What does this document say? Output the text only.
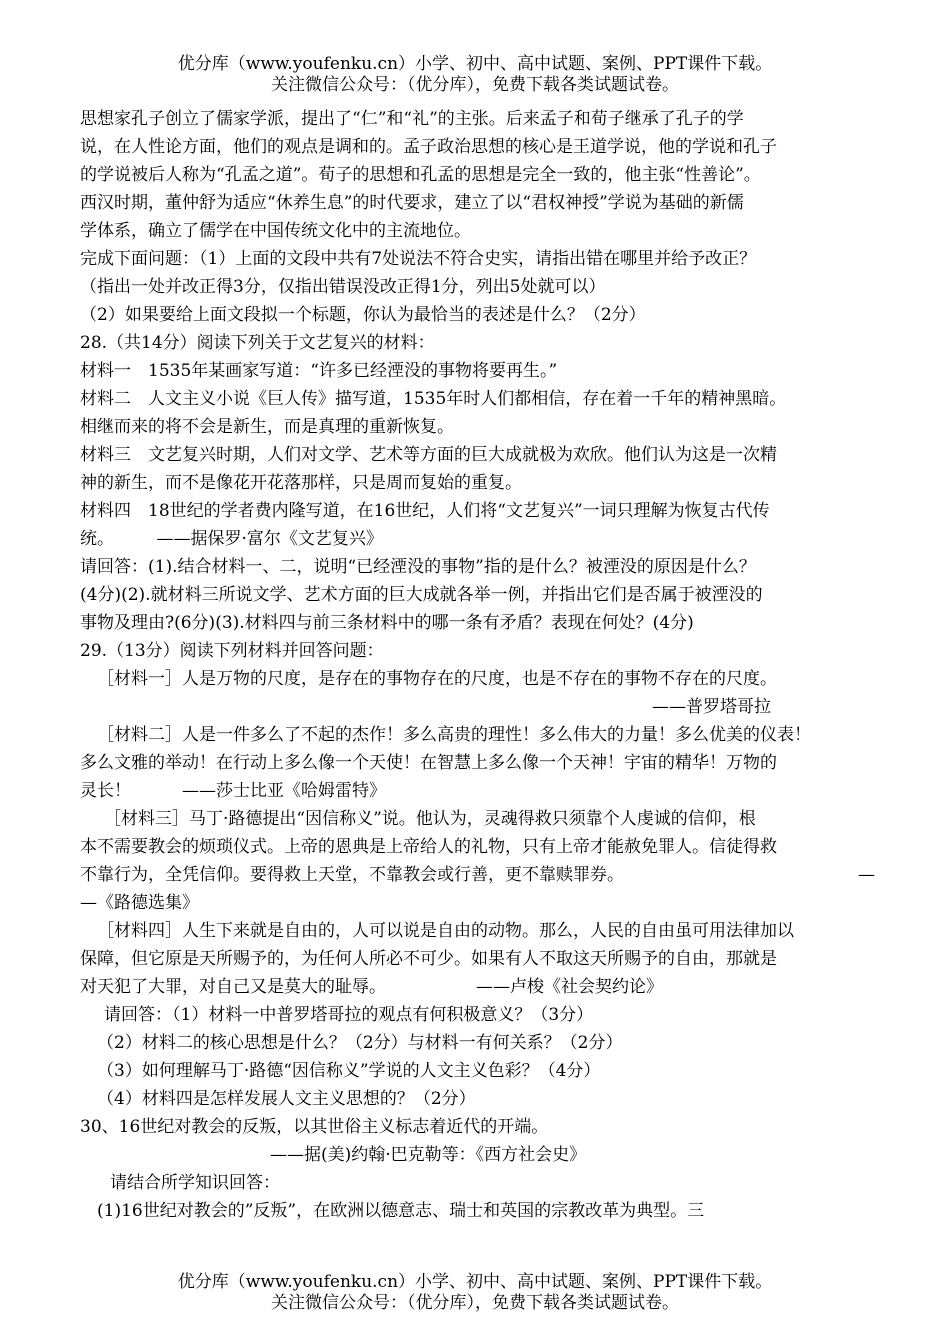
优分库（www.youfenku.cn）小学、初中、高中试题、案例、PPT课件下载。
关注微信公众号：（优分库），免费下载各类试题试卷。

思想家孔子创立了儒家学派，提出了“仁”和“礼”的主张。后来孟子和荀子继承了孔子的学

说，在人性论方面，他们的观点是调和的。孟子政治思想的核心是王道学说，他的学说和孔子

的学说被后人称为“孔孟之道”。荀子的思想和孔孟的思想是完全一致的，他主张“性善论”。

西汉时期，董仲舒为适应“休养生息”的时代要求，建立了以“君权神授”学说为基础的新儒

学体系，确立了儒学在中国传统文化中的主流地位。

完成下面问题：（1）上面的文段中共有7处说法不符合史实，请指出错在哪里并给予改正？

（指出一处并改正得3分，仅指出错误没改正得1分，列出5处就可以）

（2）如果要给上面文段拟一个标题，你认为最恰当的表述是什么？（2分）

28.（共14分）阅读下列关于文艺复兴的材料：

材料一　1535年某画家写道：“许多已经湮没的事物将要再生。”

材料二　人文主义小说《巨人传》描写道，1535年时人们都相信，存在着一千年的精神黑暗。

相继而来的将不会是新生，而是真理的重新恢复。

材料三　文艺复兴时期，人们对文学、艺术等方面的巨大成就极为欢欣。他们认为这是一次精

神的新生，而不是像花开花落那样，只是周而复始的重复。

材料四　18世纪的学者费内隆写道，在16世纪，人们将“文艺复兴”一词只理解为恢复古代传

统。　　　——据保罗·富尔《文艺复兴》

请回答：(1).结合材料一、二，说明“已经湮没的事物”指的是什么？被湮没的原因是什么？

(4分)(2).就材料三所说文学、艺术方面的巨大成就各举一例，并指出它们是否属于被湮没的

事物及理由?(6分)(3).材料四与前三条材料中的哪一条有矛盾？表现在何处？(4分)

29.（13分）阅读下列材料并回答问题：

［材料一］人是万物的尺度，是存在的事物存在的尺度，也是不存在的事物不存在的尺度。

——普罗塔哥拉

［材料二］人是一件多么了不起的杰作！多么高贵的理性！多么伟大的力量！多么优美的仪表！

多么文雅的举动！在行动上多么像一个天使！在智慧上多么像一个天神！宇宙的精华！万物的

灵长！　　　——莎士比亚《哈姆雷特》

［材料三］马丁·路德提出“因信称义”说。他认为，灵魂得救只须靠个人虔诚的信仰，根

本不需要教会的烦琐仪式。上帝的恩典是上帝给人的礼物，只有上帝才能赦免罪人。信徒得救

不靠行为，全凭信仰。要得救上天堂，不靠教会或行善，更不靠赎罪券。	—

—《路德选集》

［材料四］人生下来就是自由的，人可以说是自由的动物。那么，人民的自由虽可用法律加以

保障，但它原是天所赐予的，为任何人所必不可少。如果有人不取这天所赐予的自由，那就是

对天犯了大罪，对自己又是莫大的耻辱。	——卢梭《社会契约论》

请回答：（1）材料一中普罗塔哥拉的观点有何积极意义？（3分）

（2）材料二的核心思想是什么？（2分）与材料一有何关系？（2分）

（3）如何理解马丁·路德“因信称义”学说的人文主义色彩？（4分）

（4）材料四是怎样发展人文主义思想的？（2分）

30、16世纪对教会的反叛，以其世俗主义标志着近代的开端。

——据(美)约翰·巴克勒等：《西方社会史》

请结合所学知识回答：

(1)16世纪对教会的”反叛”，在欧洲以德意志、瑞士和英国的宗教改革为典型。三

优分库（www.youfenku.cn）小学、初中、高中试题、案例、PPT课件下载。
关注微信公众号：（优分库），免费下载各类试题试卷。
